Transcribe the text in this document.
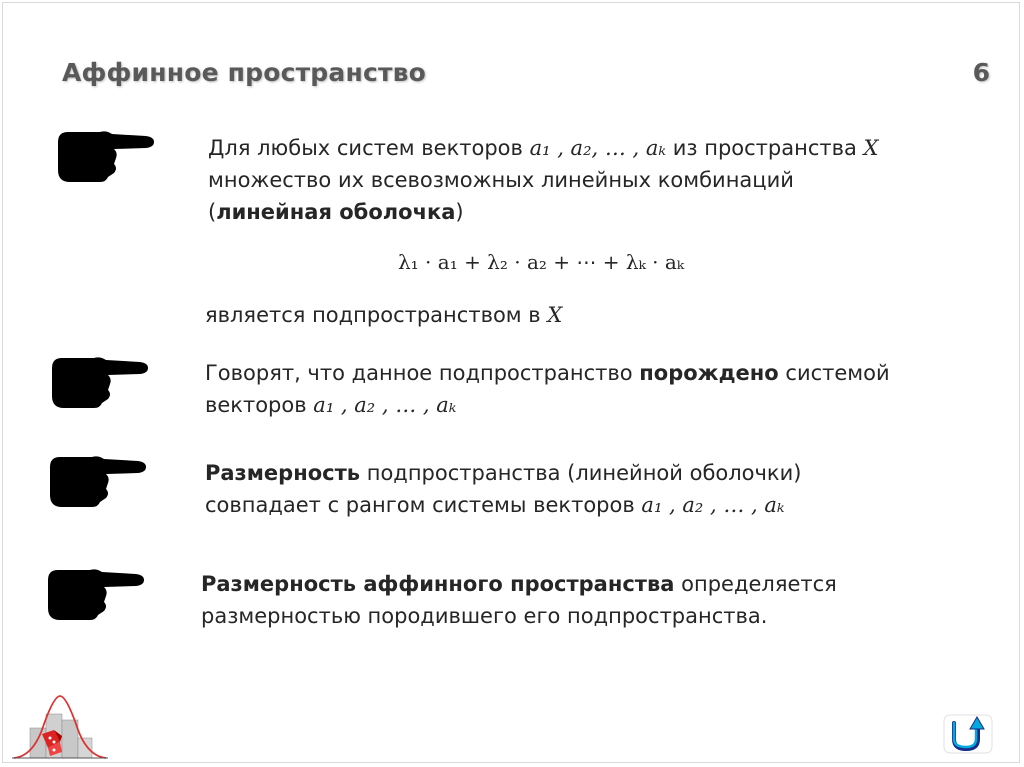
Аффинное пространство	6
Для любых систем векторов a₁ , a₂, … , aₖ из пространства X
множество их всевозможных линейных комбинаций
(линейная оболочка)
λ₁ · a₁ + λ₂ · a₂ + ⋯ + λₖ · aₖ
является подпространством в X
Говорят, что данное подпространство порождено системой
векторов a₁ , a₂ , … , aₖ
Размерность подпространства (линейной оболочки)
совпадает с рангом системы векторов a₁ , a₂ , … , aₖ
Размерность аффинного пространства определяется
размерностью породившего его подпространства.
